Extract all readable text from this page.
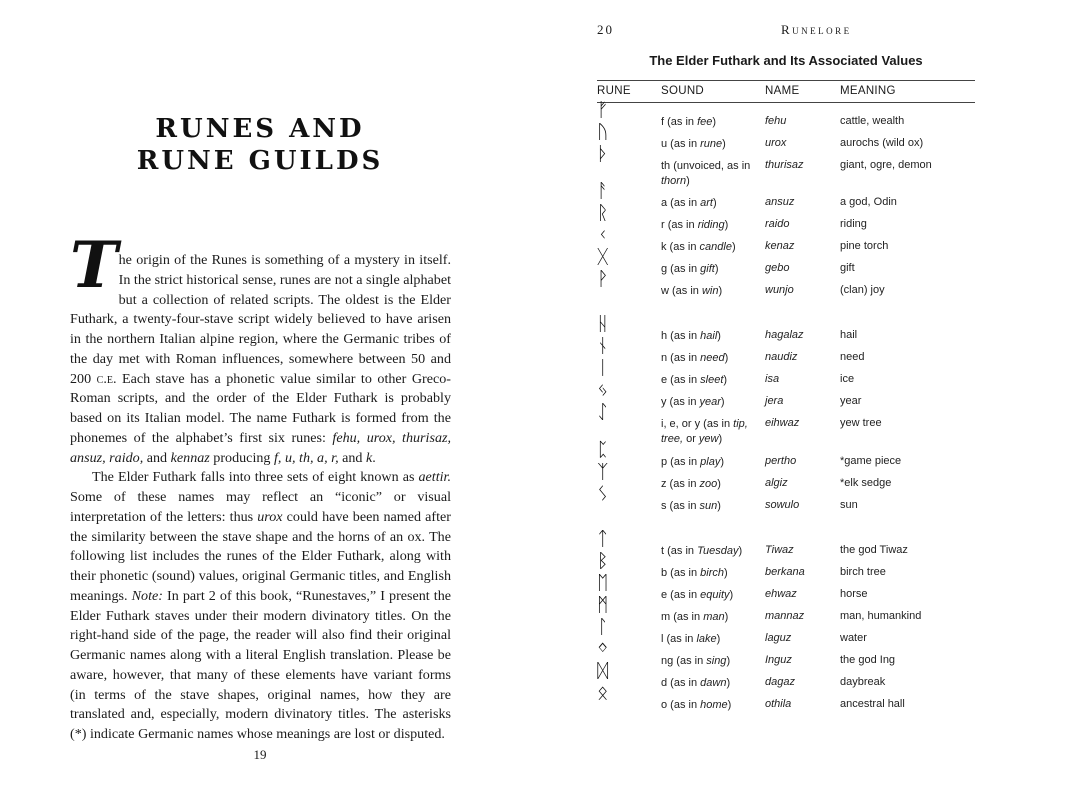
RUNES AND
RUNE GUILDS

The origin of the Runes is something of a mystery in itself. In the strict historical sense, runes are not a single alphabet but a collection of related scripts. The oldest is the Elder Futhark, a twenty-four-stave script widely believed to have arisen in the northern Italian alpine region, where the Germanic tribes of the day met with Roman influences, somewhere between 50 and 200 c.e. Each stave has a phonetic value similar to other Greco-Roman scripts, and the order of the Elder Futhark is probably based on its Italian model. The name Futhark is formed from the phonemes of the alphabet’s first six runes: fehu, urox, thurisaz, ansuz, raido, and kennaz producing f, u, th, a, r, and k.

The Elder Futhark falls into three sets of eight known as aettir. Some of these names may reflect an “iconic” or visual interpretation of the letters: thus urox could have been named after the similarity between the stave shape and the horns of an ox. The following list includes the runes of the Elder Futhark, along with their phonetic (sound) values, original Germanic titles, and English meanings. Note: In part 2 of this book, “Runestaves,” I present the Elder Futhark staves under their modern divinatory titles. On the right-hand side of the page, the reader will also find their original Germanic names along with a literal English translation. Please be aware, however, that many of these elements have variant forms (in terms of the stave shapes, original names, how they are translated and, especially, modern divinatory titles. The asterisks (*) indicate Germanic names whose meanings are lost or disputed.

19
20	Runelore
The Elder Futhark and Its Associated Values
RUNE	SOUND	NAME	MEANING
ᚠ
f (as in fee)	fehu	cattle, wealth
ᚢ
u (as in rune)	urox	aurochs (wild ox)
ᚦ
th (unvoiced, as in thorn)
thurisaz	giant, ogre, demon
ᚨ
a (as in art)	ansuz	a god, Odin
ᚱ
r (as in riding)	raido	riding
ᚲ
k (as in candle)	kenaz	pine torch
ᚷ
g (as in gift)	gebo	gift
ᚹ
w (as in win)	wunjo	(clan) joy
ᚺ
h (as in hail)	hagalaz	hail
ᚾ
n (as in need)	naudiz	need
ᛁ
e (as in sleet)	isa	ice
ᛃ
y (as in year)	jera	year
ᛇ
i, e, or y (as in tip, tree, or yew)
eihwaz	yew tree
ᛈ
p (as in play)	pertho	*game piece
ᛉ
z (as in zoo)	algiz	*elk sedge
ᛊ
s (as in sun)	sowulo	sun
ᛏ
t (as in Tuesday)	Tiwaz	the god Tiwaz
ᛒ
b (as in birch)	berkana	birch tree
ᛖ
e (as in equity)	ehwaz	horse
ᛗ
m (as in man)	mannaz	man, humankind
ᛚ
l (as in lake)	laguz	water
ᛜ
ng (as in sing)	Inguz	the god Ing
ᛞ
d (as in dawn)	dagaz	daybreak
ᛟ
o (as in home)	othila	ancestral hall
